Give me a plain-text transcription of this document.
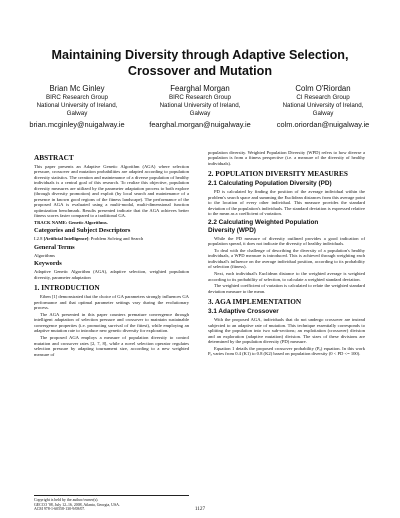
Maintaining Diversity through Adaptive Selection,
Crossover and Mutation
Brian Mc Ginley
BIRC Research Group
National University of Ireland,
Galway
brian.mcginley@nuigalway.ie
Fearghal Morgan
BIRC Research Group
National University of Ireland,
Galway
fearghal.morgan@nuigalway.ie
Colm O'Riordan
CI Research Group
National University of Ireland,
Galway
colm.oriordan@nuigalway.ie
ABSTRACT

This paper presents an Adaptive Genetic Algorithm (AGA) where selection pressure, crossover and mutation probabilities are adapted according to population diversity statistics. The creation and maintenance of a diverse population of healthy individuals is a central goal of this research. To realize this objective, population diversity measures are utilized by the parameter adaptation process to both explore (through diversity promotion) and exploit (by local search and maintenance of a presence in known good regions of the fitness landscape). The performance of the proposed AGA is evaluated using a multi-modal, multi-dimensional function optimization benchmark. Results presented indicate that the AGA achieves better fitness scores faster compared to a traditional GA.

TRACK NAME: Genetic Algorithms.

Categories and Subject Descriptors

I.2.8 [Artificial Intelligence]: Problem Solving and Search

General Terms

Algorithms

Keywords

Adaptive Genetic Algorithm (AGA), adaptive selection, weighted population diversity, parameter adaptation

1. INTRODUCTION

Eiben [1] demonstrated that the choice of GA parameters strongly influences GA performance and that optimal parameter settings vary during the evolutionary process.

The AGA presented in this paper counters premature convergence through intelligent adaptation of selection pressure and crossover to maintain sustainable convergence properties (i.e. promoting survival of the fittest), while employing an adaptive mutation rate to introduce new genetic diversity for exploration.

The proposed AGA employs a measure of population diversity to control mutation and crossover rates [2, 7, 8], while a novel selection operator regulates selection pressure by adapting tournament size, according to a new weighted measure of

Copyright is held by the author/owner(s).
GECCO '08, July 12–16, 2008, Atlanta, Georgia, USA.
ACM 978-1-60558-130-9/08/07.

population diversity. Weighted Population Diversity (WPD) refers to how diverse a population is from a fitness perspective (i.e. a measure of the diversity of healthy individuals).

2. POPULATION DIVERSITY MEASURES
2.1 Calculating Population Diversity (PD)

PD is calculated by finding the position of the average individual within the problem's search space and summing the Euclidean distances from this average point to the location of every other individual. This measure provides the standard deviation of the population's individuals. The standard deviation is expressed relative to the mean as a coefficient of variation.

2.2 Calculating Weighted Population
Diversity (WPD)

While the PD measure of diversity outlined provides a good indication of population spread, it does not indicate the diversity of healthy individuals.

To deal with the challenge of describing the diversity of a population's healthy individuals, a WPD measure is introduced. This is achieved through weighting each individual's influence on the average individual position, according to its probability of selection (fitness).

Next, each individual's Euclidean distance to the weighted average is weighted according to its probability of selection, to calculate a weighted standard deviation.

The weighted coefficient of variation is calculated to relate the weighted standard deviation measure to the mean.

3. AGA IMPLEMENTATION
3.1 Adaptive Crossover

With the proposed AGA, individuals that do not undergo crossover are instead subjected to an adaptive rate of mutation. This technique essentially corresponds to splitting the population into two sub-sections; an exploitation (crossover) division and an exploration (adaptive mutation) division. The sizes of these divisions are determined by the population diversity (PD) measure.

Equation 1 details the proposed crossover probability (Pₓ) equation. In this work Pₓ varies from 0.4 (K1) to 0.8 (K2) based on population diversity (0 < PD <= 100).

1127
